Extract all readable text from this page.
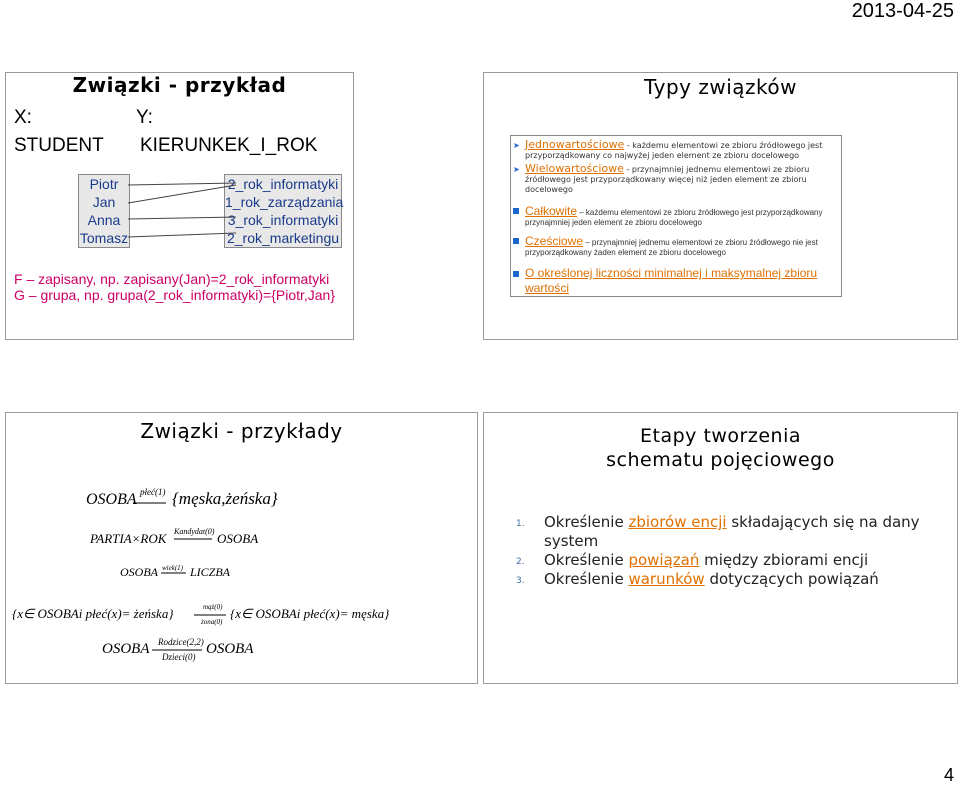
2013-04-25
Związki - przykład
X:	Y:
STUDENT KIERUNKEK_I_ROK
Piotr
Jan
Anna
Tomasz
2_rok_informatyki
1_rok_zarządzania
3_rok_informatyki
2_rok_marketingu
F – zapisany, np. zapisany(Jan)=2_rok_informatyki
G – grupa, np. grupa(2_rok_informatyki)={Piotr,Jan}
Typy związków
➤ Jednowartościowe - każdemu elementowi ze zbioru źródłowego jest przyporządkowany co najwyżej jeden element ze zbioru docelowego
➤ Wielowartościowe - przynajmniej jednemu elementowi ze zbioru źródłowego jest przyporządkowany więcej niż jeden element ze zbioru docelowego
Całkowite – każdemu elementowi ze zbioru źródłowego jest przyporządkowany przynajmniej jeden element ze zbioru docelowego
Cześciowe – przynajmniej jednemu elementowi ze zbioru źródłowego nie jest przyporządkowany żaden element ze zbioru docelowego
O określonej liczności minimalnej i maksymalnej zbioru wartości
Związki - przykłady
OSOBA płeć(1) {męska,żeńska}
PARTIA×ROK Kandydat(0) OSOBA
OSOBA wiek(1) LICZBA
{x∈ OSOBAi płeć(x)= żeńska}	mąż(0)
żona(0)
{x∈ OSOBAi płeć(x)= męska}
OSOBA Rodzice(2,2)
Dzieci(0) OSOBA
Etapy tworzenia
schematu pojęciowego
1. Określenie zbiorów encji składających się na dany system
2. Określenie powiązań między zbiorami encji
3. Określenie warunków dotyczących powiązań
4
